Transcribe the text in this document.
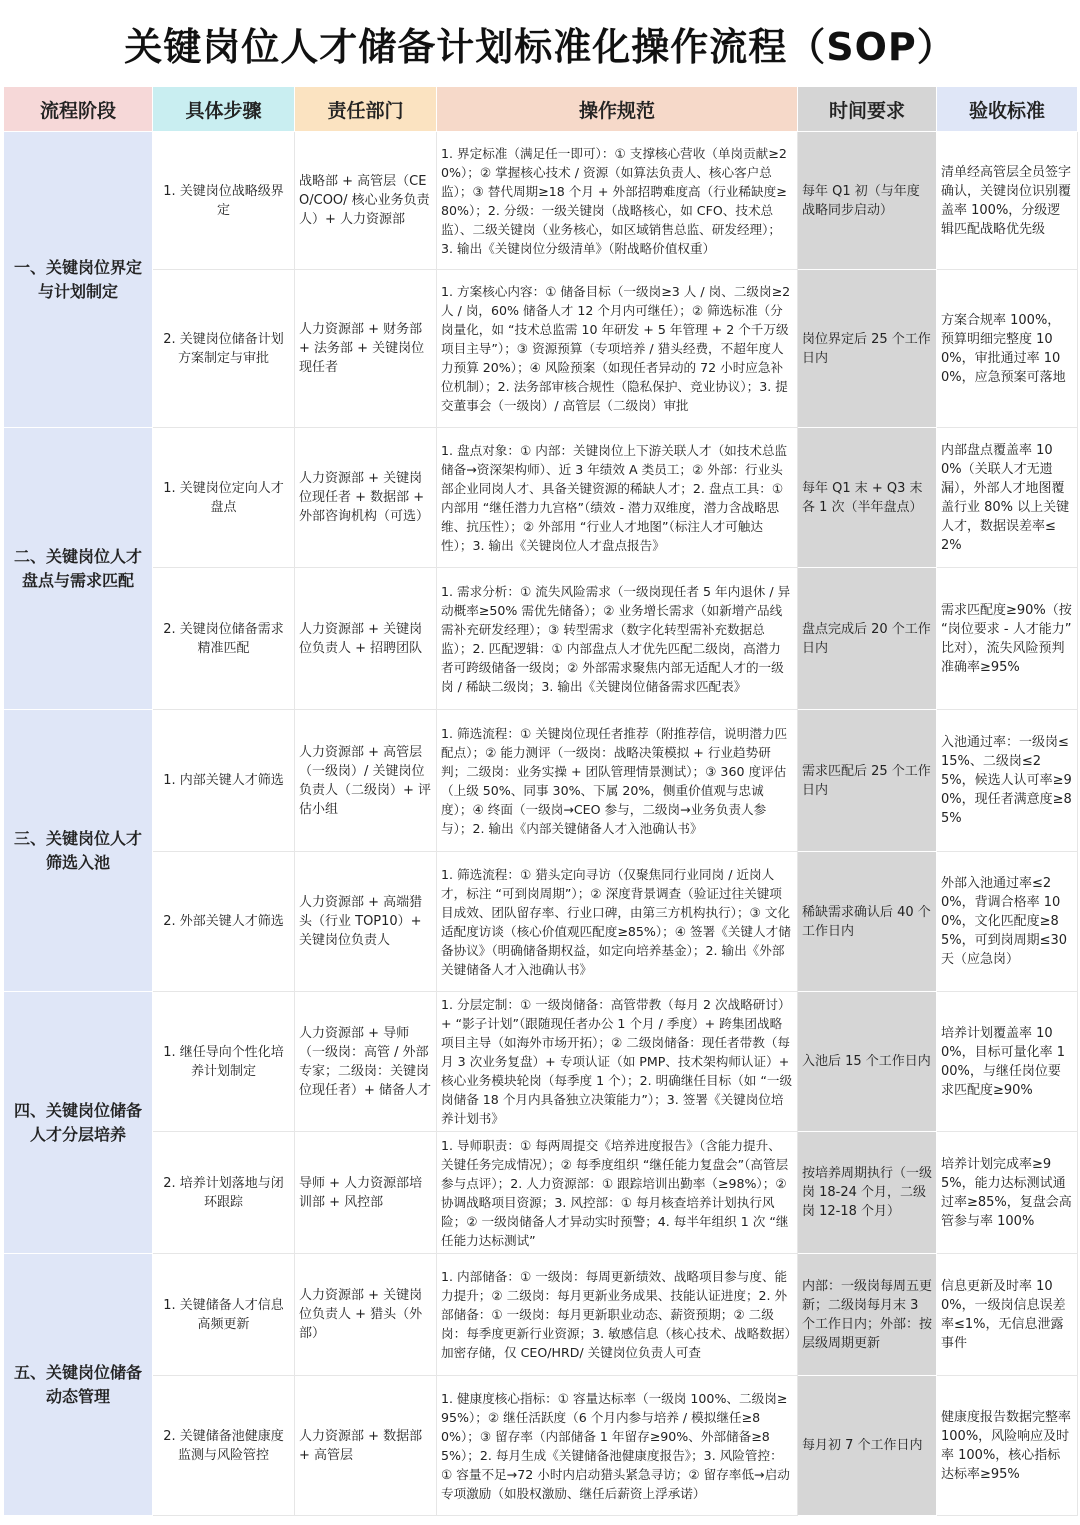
关键岗位人才储备计划标准化操作流程（SOP）
流程阶段	具体步骤	责任部门	操作规范	时间要求	验收标准
一、关键岗位界定与计划制定	1. 关键岗位战略级界定	战略部 + 高管层（CEO/COO/ 核心业务负责人）+ 人力资源部	1. 界定标准（满足任一即可）：① 支撑核心营收（单岗贡献≥20%）；② 掌握核心技术 / 资源（如算法负责人、核心客户总监）；③ 替代周期≥18 个月 + 外部招聘难度高（行业稀缺度≥80%）；2. 分级：一级关键岗（战略核心，如 CFO、技术总监）、二级关键岗（业务核心，如区域销售总监、研发经理）；3. 输出《关键岗位分级清单》（附战略价值权重）	每年 Q1 初（与年度战略同步启动）	清单经高管层全员签字确认，关键岗位识别覆盖率 100%，分级逻辑匹配战略优先级
	2. 关键岗位储备计划方案制定与审批	人力资源部 + 财务部 + 法务部 + 关键岗位现任者	1. 方案核心内容：① 储备目标（一级岗≥3 人 / 岗、二级岗≥2 人 / 岗，60% 储备人才 12 个月内可继任）；② 筛选标准（分岗量化，如 “技术总监需 10 年研发 + 5 年管理 + 2 个千万级项目主导”）；③ 资源预算（专项培养 / 猎头经费，不超年度人力预算 20%）；④ 风险预案（如现任者异动的 72 小时应急补位机制）；2. 法务部审核合规性（隐私保护、竞业协议）；3. 提交董事会（一级岗）/ 高管层（二级岗）审批	岗位界定后 25 个工作日内	方案合规率 100%，预算明细完整度 100%，审批通过率 100%，应急预案可落地
二、关键岗位人才盘点与需求匹配	1. 关键岗位定向人才盘点	人力资源部 + 关键岗位现任者 + 数据部 + 外部咨询机构（可选）	1. 盘点对象：① 内部：关键岗位上下游关联人才（如技术总监储备→资深架构师）、近 3 年绩效 A 类员工；② 外部：行业头部企业同岗人才、具备关键资源的稀缺人才；2. 盘点工具：① 内部用 “继任潜力九宫格”（绩效 - 潜力双维度，潜力含战略思维、抗压性）；② 外部用 “行业人才地图”（标注人才可触达性）；3. 输出《关键岗位人才盘点报告》	每年 Q1 末 + Q3 末各 1 次（半年盘点）	内部盘点覆盖率 100%（关联人才无遗漏），外部人才地图覆盖行业 80% 以上关键人才，数据误差率≤2%
	2. 关键岗位储备需求精准匹配	人力资源部 + 关键岗位负责人 + 招聘团队	1. 需求分析：① 流失风险需求（一级岗现任者 5 年内退休 / 异动概率≥50% 需优先储备）；② 业务增长需求（如新增产品线需补充研发经理）；③ 转型需求（数字化转型需补充数据总监）；2. 匹配逻辑：① 内部盘点人才优先匹配二级岗，高潜力者可跨级储备一级岗；② 外部需求聚焦内部无适配人才的一级岗 / 稀缺二级岗；3. 输出《关键岗位储备需求匹配表》	盘点完成后 20 个工作日内	需求匹配度≥90%（按 “岗位要求 - 人才能力” 比对），流失风险预判准确率≥95%
三、关键岗位人才筛选入池	1. 内部关键人才筛选	人力资源部 + 高管层（一级岗）/ 关键岗位负责人（二级岗）+ 评估小组	1. 筛选流程：① 关键岗位现任者推荐（附推荐信，说明潜力匹配点）；② 能力测评（一级岗：战略决策模拟 + 行业趋势研判；二级岗：业务实操 + 团队管理情景测试）；③ 360 度评估（上级 50%、同事 30%、下属 20%，侧重价值观与忠诚度）；④ 终面（一级岗→CEO 参与，二级岗→业务负责人参与）；2. 输出《内部关键储备人才入池确认书》	需求匹配后 25 个工作日内	入池通过率：一级岗≤15%、二级岗≤25%，候选人认可率≥90%，现任者满意度≥85%
	2. 外部关键人才筛选	人力资源部 + 高端猎头（行业 TOP10）+ 关键岗位负责人	1. 筛选流程：① 猎头定向寻访（仅聚焦同行业同岗 / 近岗人才，标注 “可到岗周期”）；② 深度背景调查（验证过往关键项目成效、团队留存率、行业口碑，由第三方机构执行）；③ 文化适配度访谈（核心价值观匹配度≥85%）；④ 签署《关键人才储备协议》（明确储备期权益，如定向培养基金）；2. 输出《外部关键储备人才入池确认书》	稀缺需求确认后 40 个工作日内	外部入池通过率≤20%，背调合格率 100%，文化匹配度≥85%，可到岗周期≤30 天（应急岗）
四、关键岗位储备人才分层培养	1. 继任导向个性化培养计划制定	人力资源部 + 导师（一级岗：高管 / 外部专家；二级岗：关键岗位现任者）+ 储备人才	1. 分层定制：① 一级岗储备：高管带教（每月 2 次战略研讨）+ “影子计划”（跟随现任者办公 1 个月 / 季度）+ 跨集团战略项目主导（如海外市场开拓）；② 二级岗储备：现任者带教（每月 3 次业务复盘）+ 专项认证（如 PMP、技术架构师认证）+ 核心业务模块轮岗（每季度 1 个）；2. 明确继任目标（如 “一级岗储备 18 个月内具备独立决策能力”）；3. 签署《关键岗位培养计划书》	入池后 15 个工作日内	培养计划覆盖率 100%，目标可量化率 100%，与继任岗位要求匹配度≥90%
	2. 培养计划落地与闭环跟踪	导师 + 人力资源部培训部 + 风控部	1. 导师职责：① 每两周提交《培养进度报告》（含能力提升、关键任务完成情况）；② 每季度组织 “继任能力复盘会”（高管层参与点评）；2. 人力资源部：① 跟踪培训出勤率（≥98%）；② 协调战略项目资源；3. 风控部：① 每月核查培养计划执行风险；② 一级岗储备人才异动实时预警；4. 每半年组织 1 次 “继任能力达标测试”	按培养周期执行（一级岗 18-24 个月，二级岗 12-18 个月）	培养计划完成率≥95%，能力达标测试通过率≥85%，复盘会高管参与率 100%
五、关键岗位储备动态管理	1. 关键储备人才信息高频更新	人力资源部 + 关键岗位负责人 + 猎头（外部）	1. 内部储备：① 一级岗：每周更新绩效、战略项目参与度、能力提升；② 二级岗：每月更新业务成果、技能认证进度；2. 外部储备：① 一级岗：每月更新职业动态、薪资预期；② 二级岗：每季度更新行业资源；3. 敏感信息（核心技术、战略数据）加密存储，仅 CEO/HRD/ 关键岗位负责人可查	内部：一级岗每周五更新；二级岗每月末 3 个工作日内；外部：按层级周期更新	信息更新及时率 100%，一级岗信息误差率≤1%，无信息泄露事件
	2. 关键储备池健康度监测与风险管控	人力资源部 + 数据部 + 高管层	1. 健康度核心指标：① 容量达标率（一级岗 100%、二级岗≥95%）；② 继任活跃度（6 个月内参与培养 / 模拟继任≥80%）；③ 留存率（内部储备 1 年留存≥90%、外部储备≥85%）；2. 每月生成《关键储备池健康度报告》；3. 风险管控：① 容量不足→72 小时内启动猎头紧急寻访；② 留存率低→启动专项激励（如股权激励、继任后薪资上浮承诺）	每月初 7 个工作日内	健康度报告数据完整率 100%，风险响应及时率 100%，核心指标达标率≥95%
